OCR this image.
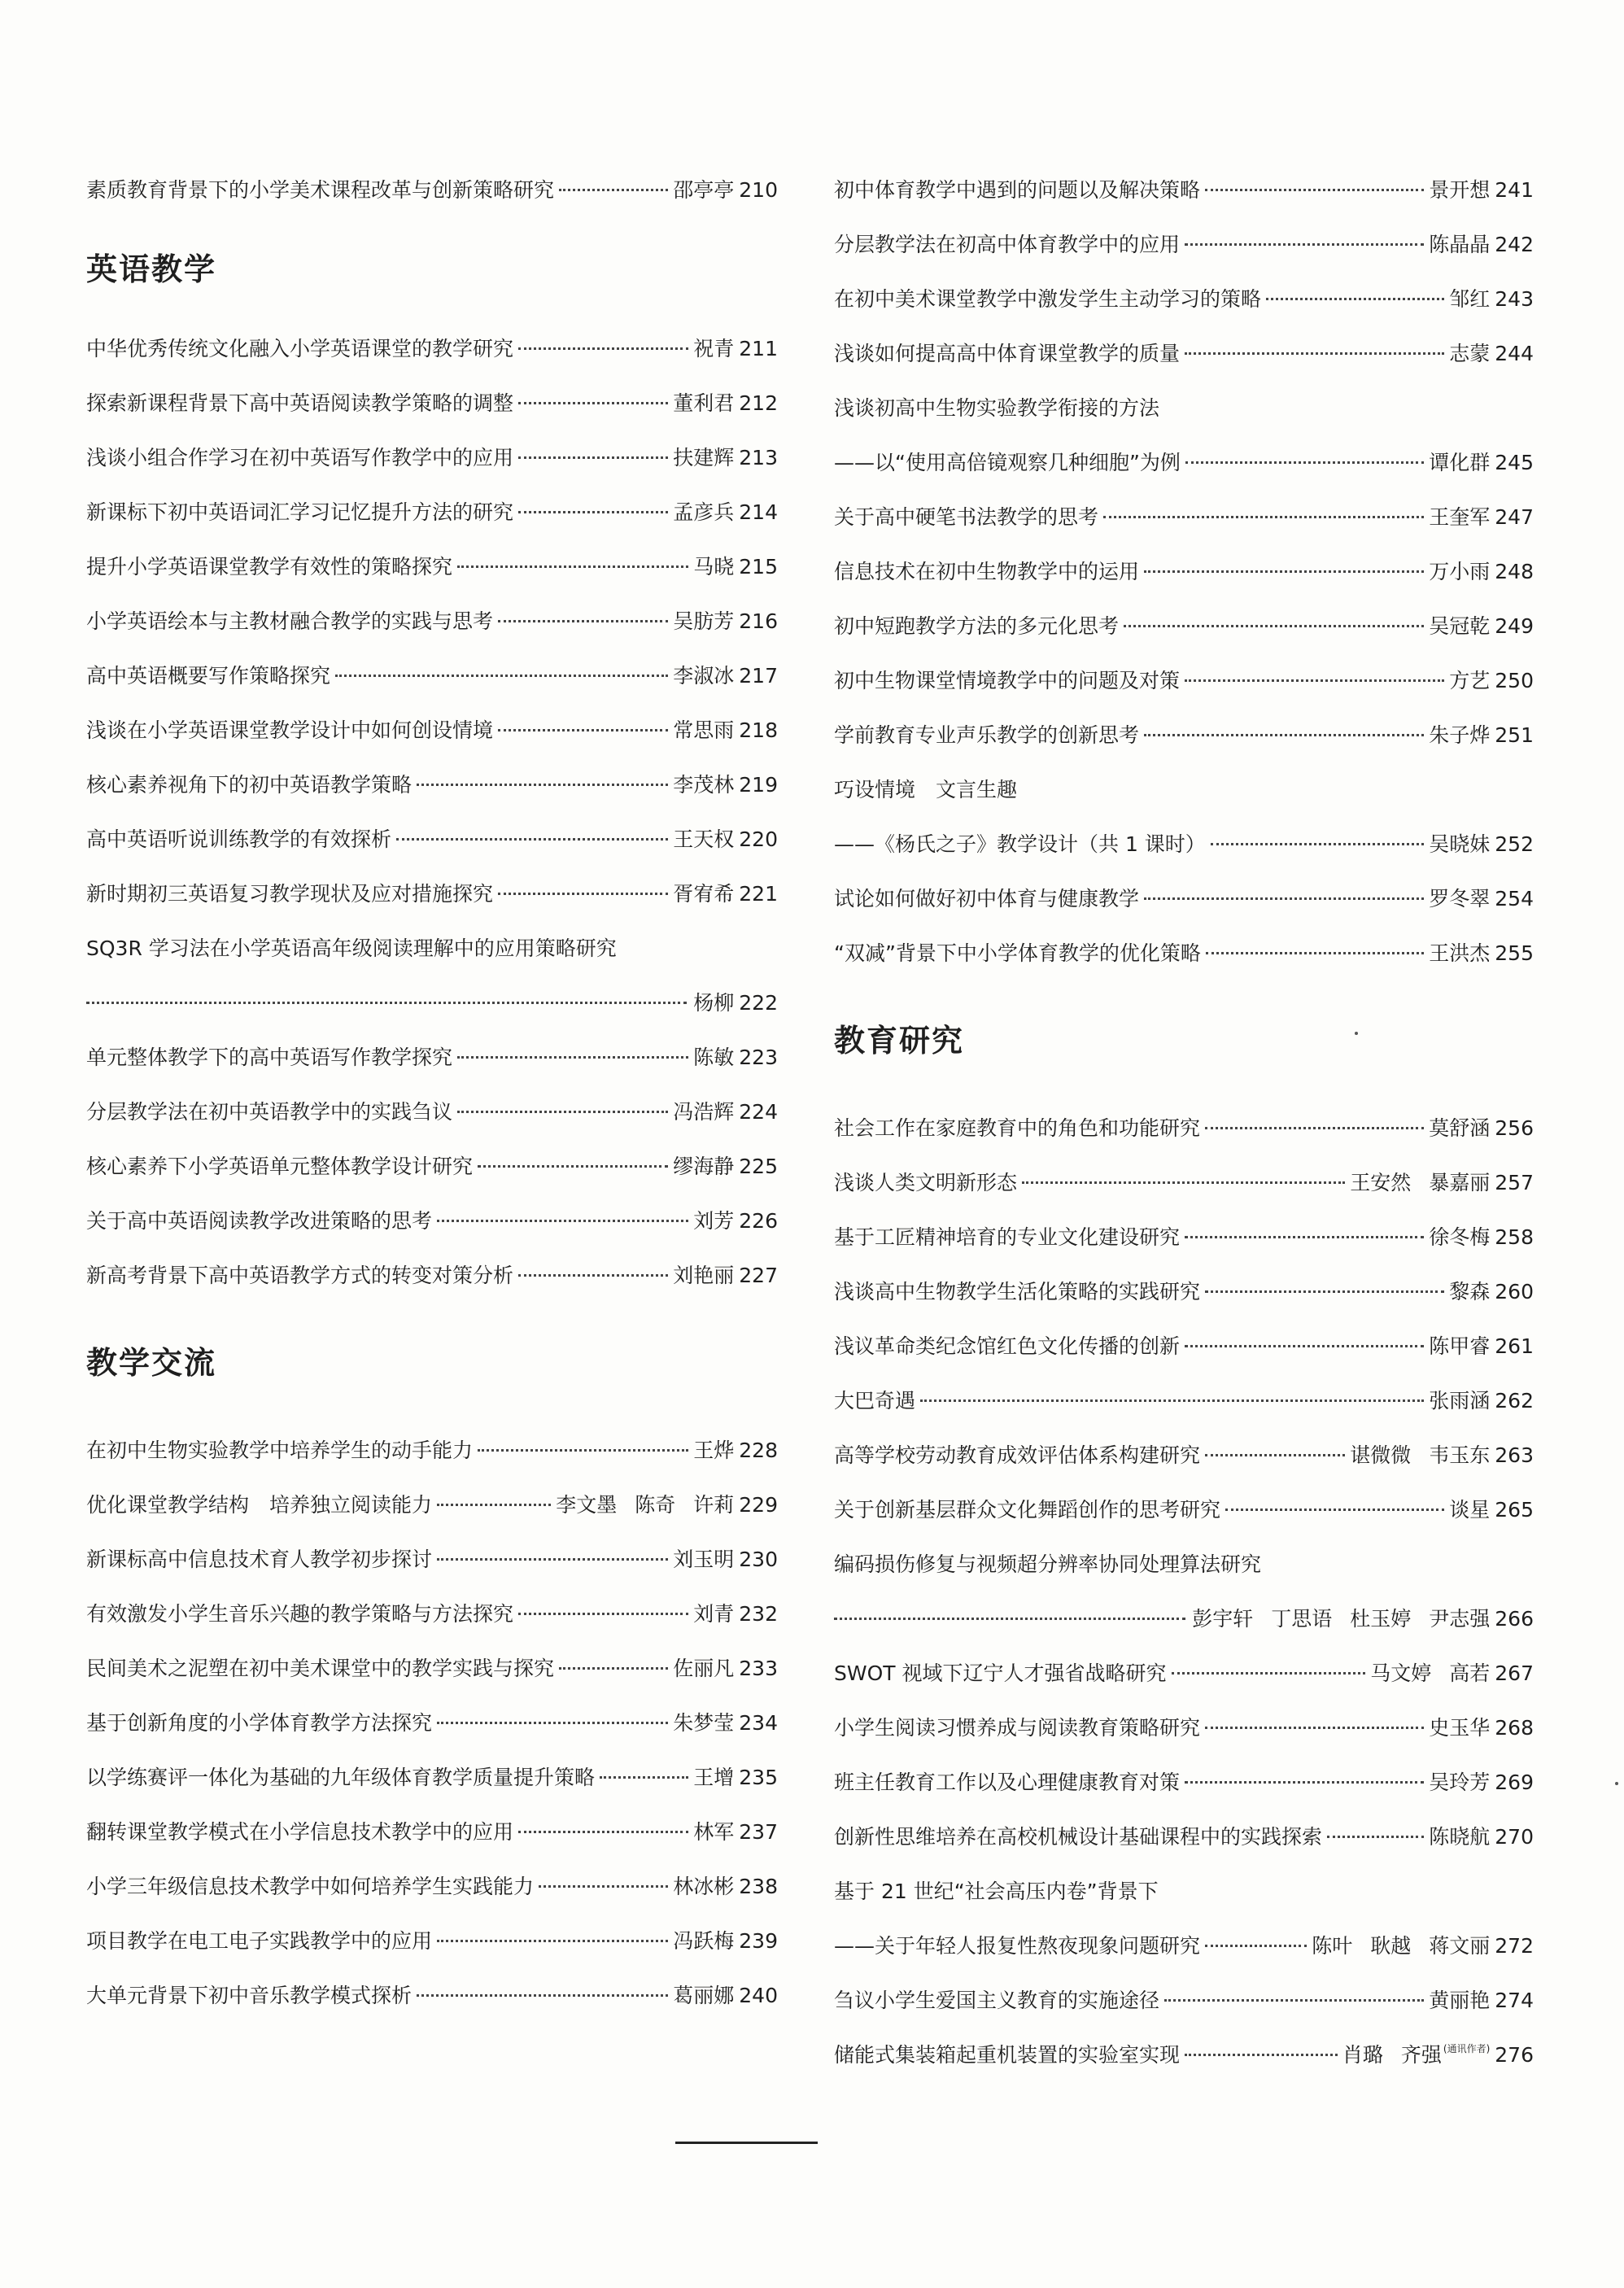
素质教育背景下的小学美术课程改革与创新策略研究	邵亭亭 210
英语教学
中华优秀传统文化融入小学英语课堂的教学研究	祝青 211
探索新课程背景下高中英语阅读教学策略的调整	董利君 212
浅谈小组合作学习在初中英语写作教学中的应用	扶建辉 213
新课标下初中英语词汇学习记忆提升方法的研究	孟彦兵 214
提升小学英语课堂教学有效性的策略探究	马晓 215
小学英语绘本与主教材融合教学的实践与思考	吴肪芳 216
高中英语概要写作策略探究	李淑冰 217
浅谈在小学英语课堂教学设计中如何创设情境	常思雨 218
核心素养视角下的初中英语教学策略	李茂林 219
高中英语听说训练教学的有效探析	王天权 220
新时期初三英语复习教学现状及应对措施探究	胥宥希 221
SQ3R 学习法在小学英语高年级阅读理解中的应用策略研究
杨柳 222
单元整体教学下的高中英语写作教学探究	陈敏 223
分层教学法在初中英语教学中的实践刍议	冯浩辉 224
核心素养下小学英语单元整体教学设计研究	缪海静 225
关于高中英语阅读教学改进策略的思考	刘芳 226
新高考背景下高中英语教学方式的转变对策分析	刘艳丽 227
教学交流
在初中生物实验教学中培养学生的动手能力	王烨 228
优化课堂教学结构　培养独立阅读能力	李文墨 陈奇 许莉 229
新课标高中信息技术育人教学初步探讨	刘玉明 230
有效激发小学生音乐兴趣的教学策略与方法探究	刘青 232
民间美术之泥塑在初中美术课堂中的教学实践与探究	佐丽凡 233
基于创新角度的小学体育教学方法探究	朱梦莹 234
以学练赛评一体化为基础的九年级体育教学质量提升策略	王增 235
翻转课堂教学模式在小学信息技术教学中的应用	林军 237
小学三年级信息技术教学中如何培养学生实践能力	林冰彬 238
项目教学在电工电子实践教学中的应用	冯跃梅 239
大单元背景下初中音乐教学模式探析	葛丽娜 240
初中体育教学中遇到的问题以及解决策略	景开想 241
分层教学法在初高中体育教学中的应用	陈晶晶 242
在初中美术课堂教学中激发学生主动学习的策略	邹红 243
浅谈如何提高高中体育课堂教学的质量	志蒙 244
浅谈初高中生物实验教学衔接的方法
——以“使用高倍镜观察几种细胞”为例	谭化群 245
关于高中硬笔书法教学的思考	王奎军 247
信息技术在初中生物教学中的运用	万小雨 248
初中短跑教学方法的多元化思考	吴冠乾 249
初中生物课堂情境教学中的问题及对策	方艺 250
学前教育专业声乐教学的创新思考	朱子烨 251
巧设情境　文言生趣
——《杨氏之子》教学设计（共 1 课时）	吴晓妹 252
试论如何做好初中体育与健康教学	罗冬翠 254
“双减”背景下中小学体育教学的优化策略	王洪杰 255
教育研究
社会工作在家庭教育中的角色和功能研究	莫舒涵 256
浅谈人类文明新形态	王安然 暴嘉丽 257
基于工匠精神培育的专业文化建设研究	徐冬梅 258
浅谈高中生物教学生活化策略的实践研究	黎森 260
浅议革命类纪念馆红色文化传播的创新	陈甲睿 261
大巴奇遇	张雨涵 262
高等学校劳动教育成效评估体系构建研究	谌微微 韦玉东 263
关于创新基层群众文化舞蹈创作的思考研究	谈星 265
编码损伤修复与视频超分辨率协同处理算法研究
彭宇轩 丁思语 杜玉婷 尹志强 266
SWOT 视域下辽宁人才强省战略研究	马文婷 高若 267
小学生阅读习惯养成与阅读教育策略研究	史玉华 268
班主任教育工作以及心理健康教育对策	吴玲芳 269
创新性思维培养在高校机械设计基础课程中的实践探索	陈晓航 270
基于 21 世纪“社会高压内卷”背景下
——关于年轻人报复性熬夜现象问题研究	陈叶 耿越 蒋文丽 272
刍议小学生爱国主义教育的实施途径	黄丽艳 274
储能式集装箱起重机装置的实验室实现	肖璐 齐强 (通讯作者) 276
